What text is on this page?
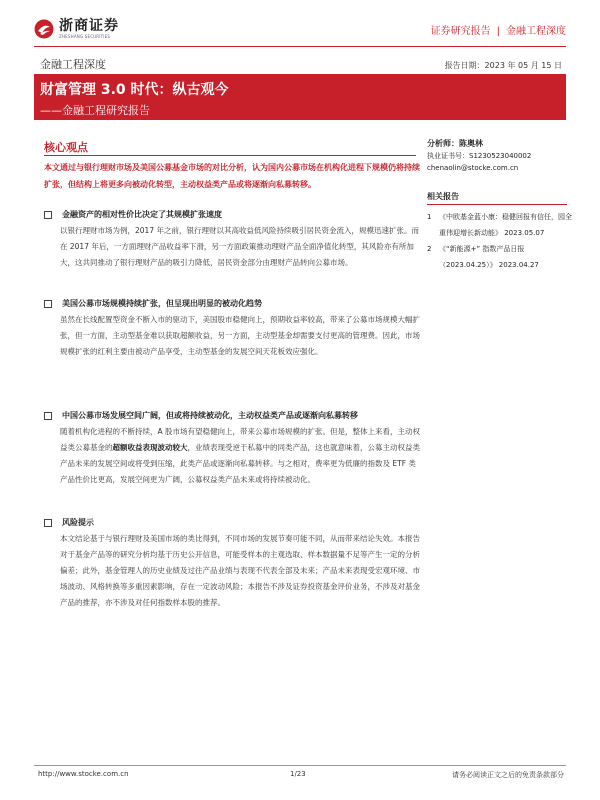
浙商证券
ZHESHANG SECURITIES	证券研究报告 | 金融工程深度
金融工程深度	报告日期：2023 年 05 月 15 日
财富管理 3.0 时代：纵古观今
——金融工程研究报告
核心观点
本文通过与银行理财市场及美国公募基金市场的对比分析，认为国内公募市场在机构化进程下规模仍将持续扩张，但结构上将更多向被动化转型，主动权益类产品或将逐渐向私募转移。
金融资产的相对性价比决定了其规模扩张速度
以银行理财市场为例，2017 年之前，银行理财以其高收益低风险持续吸引居民资金流入，规模迅速扩张。而在 2017 年后，一方面理财产品收益率下滑，另一方面政策推动理财产品全面净值化转型，其风险亦有所加大，这共同推动了银行理财产品的吸引力降低，居民资金部分由理财产品转向公募市场。
美国公募市场规模持续扩张，但呈现出明显的被动化趋势
虽然在长线配置型资金不断入市的驱动下，美国股市稳健向上，预期收益率较高，带来了公募市场规模大幅扩张，但一方面，主动型基金难以获取超额收益，另一方面，主动型基金却需要支付更高的管理费。因此，市场规模扩张的红利主要由被动产品享受，主动型基金的发展空间天花板效应强化。
中国公募市场发展空间广阔，但或将持续被动化，主动权益类产品或逐渐向私募转移
随着机构化进程的不断持续，A 股市场有望稳健向上，带来公募市场规模的扩张。但是，整体上来看，主动权益类公募基金的超额收益表现波动较大，业绩表现受逆于私募中的同类产品，这也就意味着，公募主动权益类产品未来的发展空间或将受到压缩，此类产品或逐渐向私募转移。与之相对，费率更为低廉的指数及 ETF 类产品性价比更高，发展空间更为广阔，公募权益类产品未来或将持续被动化。
风险提示
本文结论基于与银行理财及美国市场的类比得到，不同市场的发展节奏可能不同，从而带来结论失效。本报告对于基金产品等的研究分析均基于历史公开信息，可能受样本的主观选取、样本数据量不足等产生一定的分析偏差；此外，基金管理人的历史业绩及过往产品业绩与表现不代表全部及未来；产品未来表现受宏观环境、市场波动、风格转换等多重因素影响，存在一定波动风险；本报告不涉及证券投资基金评价业务，不涉及对基金产品的推荐，亦不涉及对任何指数样本股的推荐。
分析师：陈奥林
执业证书号：S1230523040002
chenaolin@stocke.com.cn
相关报告
1	《中欧基金蓝小康：稳健回报有信任，园全重伟迎增长新动能》 2023.05.07
2	《“新能源+” 指数产品日报（2023.04.25）》 2023.04.27
http://www.stocke.com.cn	1/23	请务必阅读正文之后的免责条款部分
